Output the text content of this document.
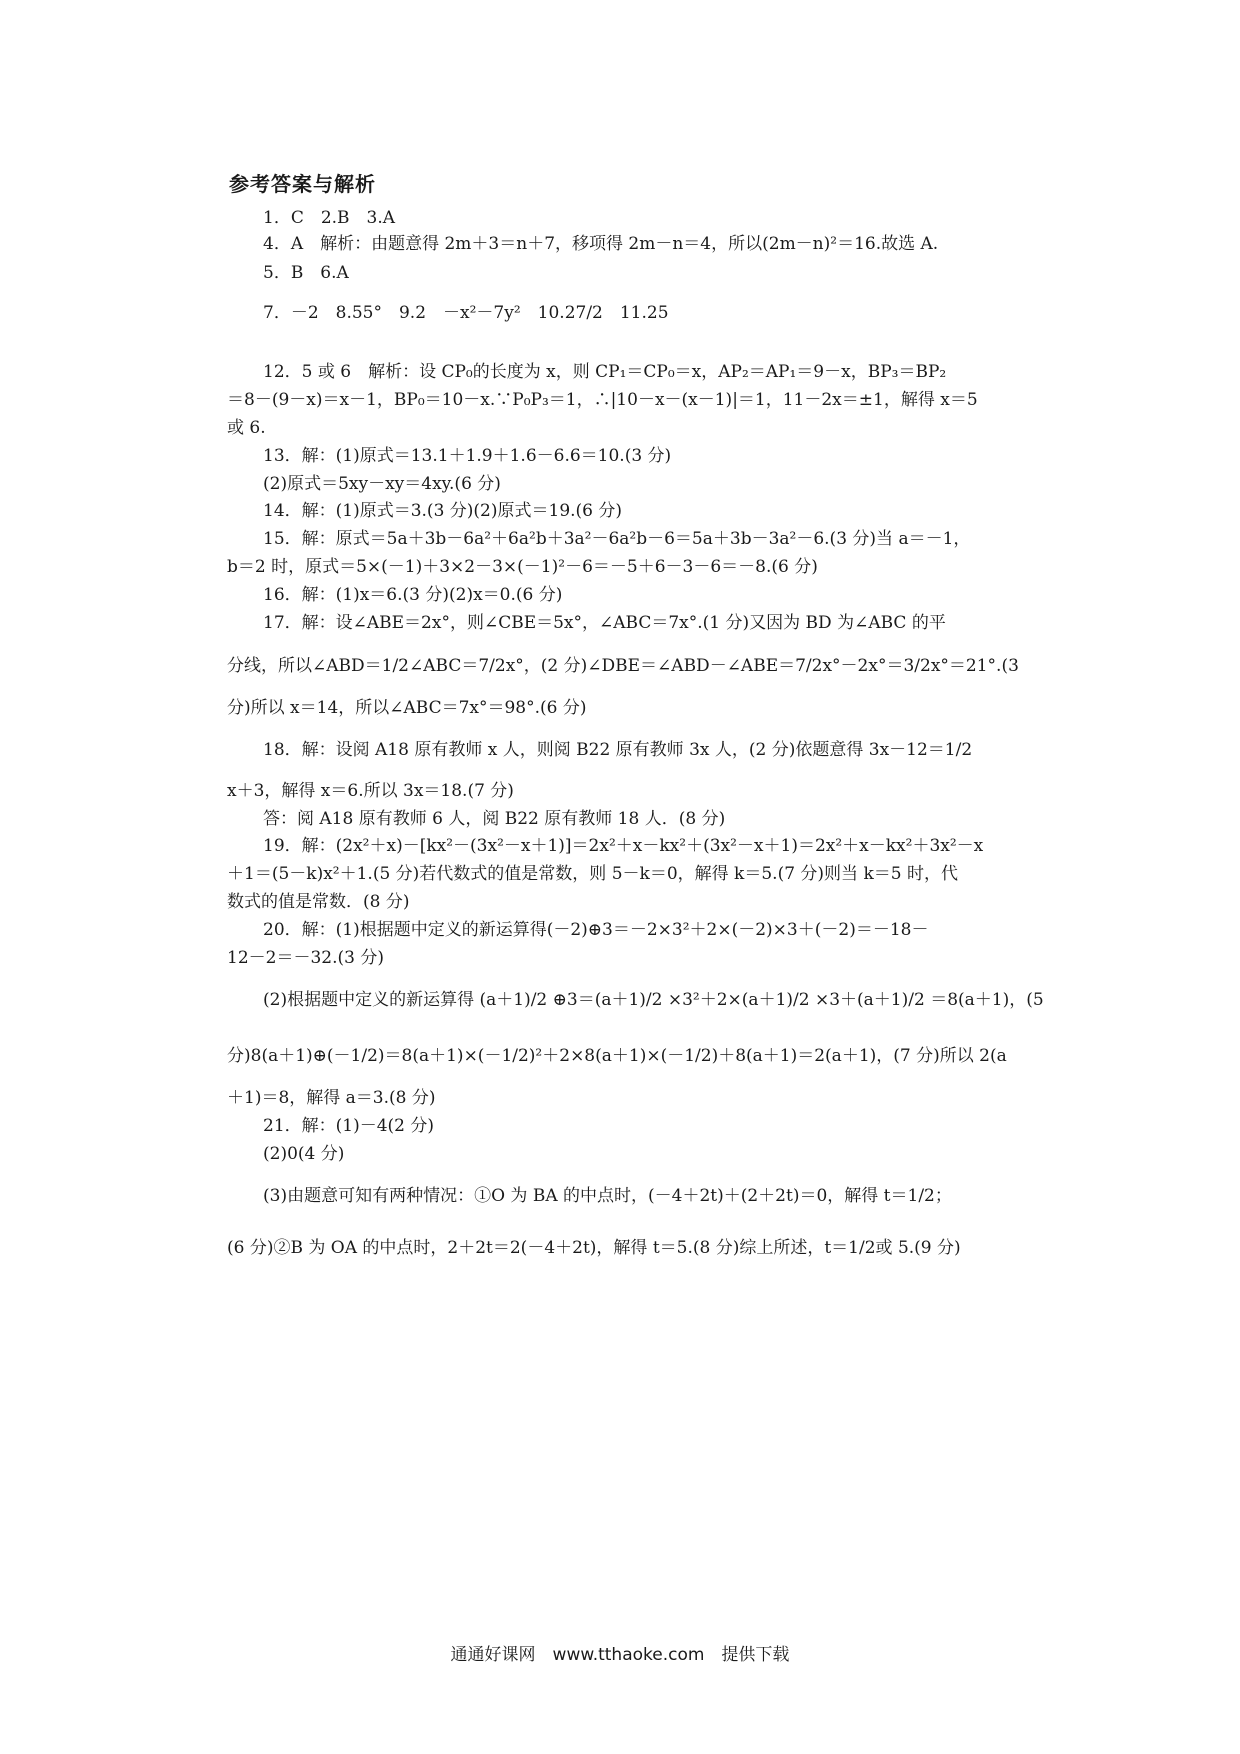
参考答案与解析
1．C　2.B　3.A
4．A　解析：由题意得 2m＋3＝n＋7，移项得 2m－n＝4，所以(2m－n)²＝16.故选 A.
5．B　6.A
7．－2　8.55°　9.2　－x²－7y²　10.27/2　11.25
12．5 或 6　解析：设 CP₀的长度为 x，则 CP₁＝CP₀＝x，AP₂＝AP₁＝9－x，BP₃＝BP₂
＝8－(9－x)＝x－1，BP₀＝10－x.∵P₀P₃＝1，∴|10－x－(x－1)|＝1，11－2x＝±1，解得 x＝5
或 6.
13．解：(1)原式＝13.1＋1.9＋1.6－6.6＝10.(3 分)
(2)原式＝5xy－xy＝4xy.(6 分)
14．解：(1)原式＝3.(3 分)(2)原式＝19.(6 分)
15．解：原式＝5a＋3b－6a²＋6a²b＋3a²－6a²b－6＝5a＋3b－3a²－6.(3 分)当 a＝－1，
b＝2 时，原式＝5×(－1)＋3×2－3×(－1)²－6＝－5＋6－3－6＝－8.(6 分)
16．解：(1)x＝6.(3 分)(2)x＝0.(6 分)
17．解：设∠ABE＝2x°，则∠CBE＝5x°，∠ABC＝7x°.(1 分)又因为 BD 为∠ABC 的平
分线，所以∠ABD＝1/2∠ABC＝7/2x°，(2 分)∠DBE＝∠ABD－∠ABE＝7/2x°－2x°＝3/2x°＝21°.(3
分)所以 x＝14，所以∠ABC＝7x°＝98°.(6 分)
18．解：设阅 A18 原有教师 x 人，则阅 B22 原有教师 3x 人，(2 分)依题意得 3x－12＝1/2
x＋3，解得 x＝6.所以 3x＝18.(7 分)
答：阅 A18 原有教师 6 人，阅 B22 原有教师 18 人．(8 分)
19．解：(2x²＋x)－[kx²－(3x²－x＋1)]＝2x²＋x－kx²＋(3x²－x＋1)＝2x²＋x－kx²＋3x²－x
＋1＝(5－k)x²＋1.(5 分)若代数式的值是常数，则 5－k＝0，解得 k＝5.(7 分)则当 k＝5 时，代
数式的值是常数．(8 分)
20．解：(1)根据题中定义的新运算得(－2)⊕3＝－2×3²＋2×(－2)×3＋(－2)＝－18－
12－2＝－32.(3 分)
(2)根据题中定义的新运算得 (a＋1)/2 ⊕3＝(a＋1)/2 ×3²＋2×(a＋1)/2 ×3＋(a＋1)/2 ＝8(a＋1)，(5
分)8(a＋1)⊕(－1/2)＝8(a＋1)×(－1/2)²＋2×8(a＋1)×(－1/2)＋8(a＋1)＝2(a＋1)，(7 分)所以 2(a
＋1)＝8，解得 a＝3.(8 分)
21．解：(1)－4(2 分)
(2)0(4 分)
(3)由题意可知有两种情况：①O 为 BA 的中点时，(－4＋2t)＋(2＋2t)＝0，解得 t＝1/2；
(6 分)②B 为 OA 的中点时，2＋2t＝2(－4＋2t)，解得 t＝5.(8 分)综上所述，t＝1/2或 5.(9 分)
通通好课网　www.tthaoke.com　提供下载
